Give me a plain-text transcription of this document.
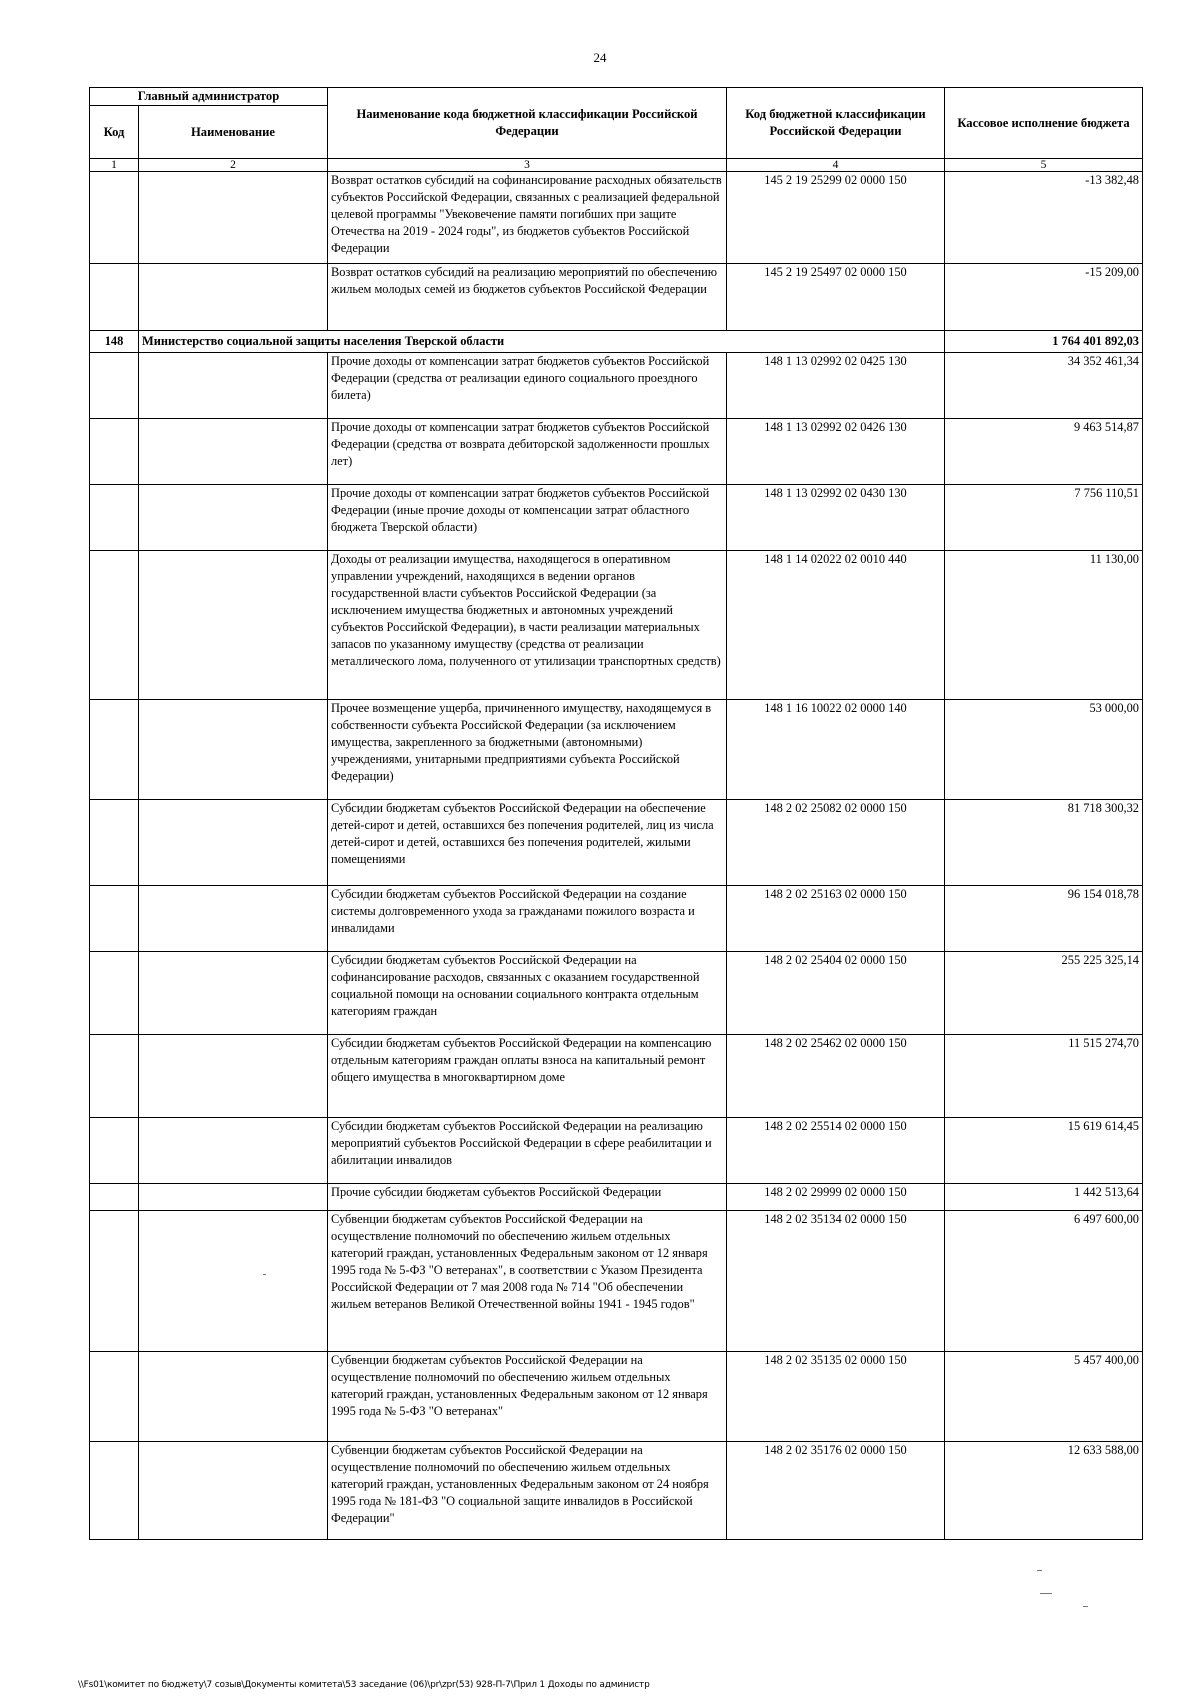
24
Главный администратор		Наименование кода бюджетной классификации Российской Федерации	Код бюджетной классификации Российской Федерации	Кассовое исполнение бюджета
Код	Наименование			
1	2	3	4	5
		Возврат остатков субсидий на софинансирование расходных обязательств субъектов Российской Федерации, связанных с реализацией федеральной целевой программы "Увековечение памяти погибших при защите Отечества на 2019 - 2024 годы", из бюджетов субъектов Российской Федерации	145 2 19 25299 02 0000 150	-13 382,48
		Возврат остатков субсидий на реализацию мероприятий по обеспечению жильем молодых семей из бюджетов субъектов Российской Федерации	145 2 19 25497 02 0000 150	-15 209,00
148	Министерство социальной защиты населения Тверской области			1 764 401 892,03
		Прочие доходы от компенсации затрат бюджетов субъектов Российской Федерации (средства от реализации единого социального проездного билета)	148 1 13 02992 02 0425 130	34 352 461,34
		Прочие доходы от компенсации затрат бюджетов субъектов Российской Федерации (средства от возврата дебиторской задолженности прошлых лет)	148 1 13 02992 02 0426 130	9 463 514,87
		Прочие доходы от компенсации затрат бюджетов субъектов Российской Федерации (иные прочие доходы от компенсации затрат областного бюджета Тверской области)	148 1 13 02992 02 0430 130	7 756 110,51
		Доходы от реализации имущества, находящегося в оперативном управлении учреждений, находящихся в ведении органов государственной власти субъектов Российской Федерации (за исключением имущества бюджетных и автономных учреждений субъектов Российской Федерации), в части реализации материальных запасов по указанному имуществу (средства от реализации металлического лома, полученного от утилизации транспортных средств)	148 1 14 02022 02 0010 440	11 130,00
		Прочее возмещение ущерба, причиненного имуществу, находящемуся в собственности субъекта Российской Федерации (за исключением имущества, закрепленного за бюджетными (автономными) учреждениями, унитарными предприятиями субъекта Российской Федерации)	148 1 16 10022 02 0000 140	53 000,00
		Субсидии бюджетам субъектов Российской Федерации на обеспечение детей-сирот и детей, оставшихся без попечения родителей, лиц из числа детей-сирот и детей, оставшихся без попечения родителей, жилыми помещениями	148 2 02 25082 02 0000 150	81 718 300,32
		Субсидии бюджетам субъектов Российской Федерации на создание системы долговременного ухода за гражданами пожилого возраста и инвалидами	148 2 02 25163 02 0000 150	96 154 018,78
		Субсидии бюджетам субъектов Российской Федерации на софинансирование расходов, связанных с оказанием государственной социальной помощи на основании социального контракта отдельным категориям граждан	148 2 02 25404 02 0000 150	255 225 325,14
		Субсидии бюджетам субъектов Российской Федерации на компенсацию отдельным категориям граждан оплаты взноса на капитальный ремонт общего имущества в многоквартирном доме	148 2 02 25462 02 0000 150	11 515 274,70
		Субсидии бюджетам субъектов Российской Федерации на реализацию мероприятий субъектов Российской Федерации в сфере реабилитации и абилитации инвалидов	148 2 02 25514 02 0000 150	15 619 614,45
		Прочие субсидии бюджетам субъектов Российской Федерации	148 2 02 29999 02 0000 150	1 442 513,64
		Субвенции бюджетам субъектов Российской Федерации на осуществление полномочий по обеспечению жильем отдельных категорий граждан, установленных Федеральным законом от 12 января 1995 года № 5-ФЗ "О ветеранах", в соответствии с Указом Президента Российской Федерации от 7 мая 2008 года № 714 "Об обеспечении жильем ветеранов Великой Отечественной войны 1941 - 1945 годов"	148 2 02 35134 02 0000 150	6 497 600,00
		Субвенции бюджетам субъектов Российской Федерации на осуществление полномочий по обеспечению жильем отдельных категорий граждан, установленных Федеральным законом от 12 января 1995 года № 5-ФЗ "О ветеранах"	148 2 02 35135 02 0000 150	5 457 400,00
		Субвенции бюджетам субъектов Российской Федерации на осуществление полномочий по обеспечению жильем отдельных категорий граждан, установленных Федеральным законом от 24 ноября 1995 года № 181-ФЗ "О социальной защите инвалидов в Российской Федерации"	148 2 02 35176 02 0000 150	12 633 588,00
\\Fs01\комитет по бюджету\7 созыв\Документы комитета\53 заседание (06)\pr\zpr(53) 928-П-7\Прил 1 Доходы по администр
